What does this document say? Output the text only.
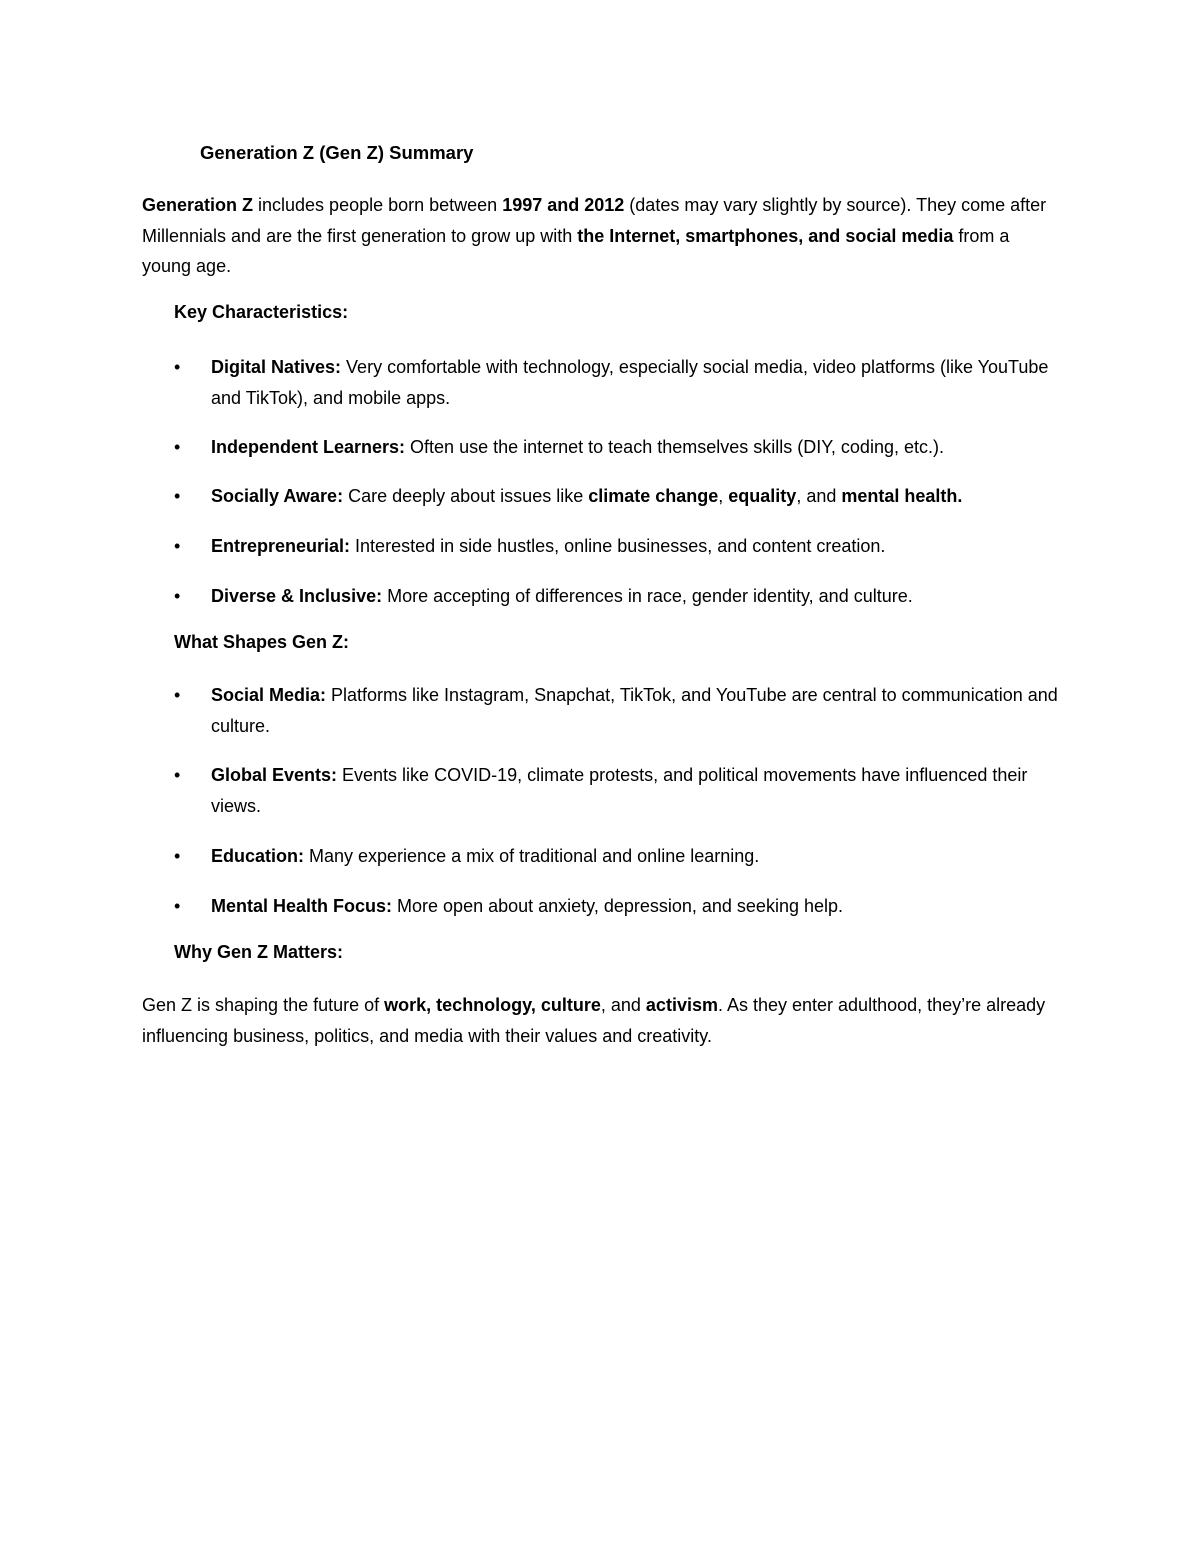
Generation Z (Gen Z) Summary

Generation Z includes people born between 1997 and 2012 (dates may vary slightly by source). They come after Millennials and are the first generation to grow up with the Internet, smartphones, and social media from a young age.

Key Characteristics:
• Digital Natives: Very comfortable with technology, especially social media, video platforms (like YouTube and TikTok), and mobile apps.
• Independent Learners: Often use the internet to teach themselves skills (DIY, coding, etc.).
• Socially Aware: Care deeply about issues like climate change, equality, and mental health.
• Entrepreneurial: Interested in side hustles, online businesses, and content creation.
• Diverse & Inclusive: More accepting of differences in race, gender identity, and culture.
What Shapes Gen Z:
• Social Media: Platforms like Instagram, Snapchat, TikTok, and YouTube are central to communication and culture.
• Global Events: Events like COVID-19, climate protests, and political movements have influenced their views.
• Education: Many experience a mix of traditional and online learning.
• Mental Health Focus: More open about anxiety, depression, and seeking help.
Why Gen Z Matters:

Gen Z is shaping the future of work, technology, culture, and activism. As they enter adulthood, they’re already influencing business, politics, and media with their values and creativity.
